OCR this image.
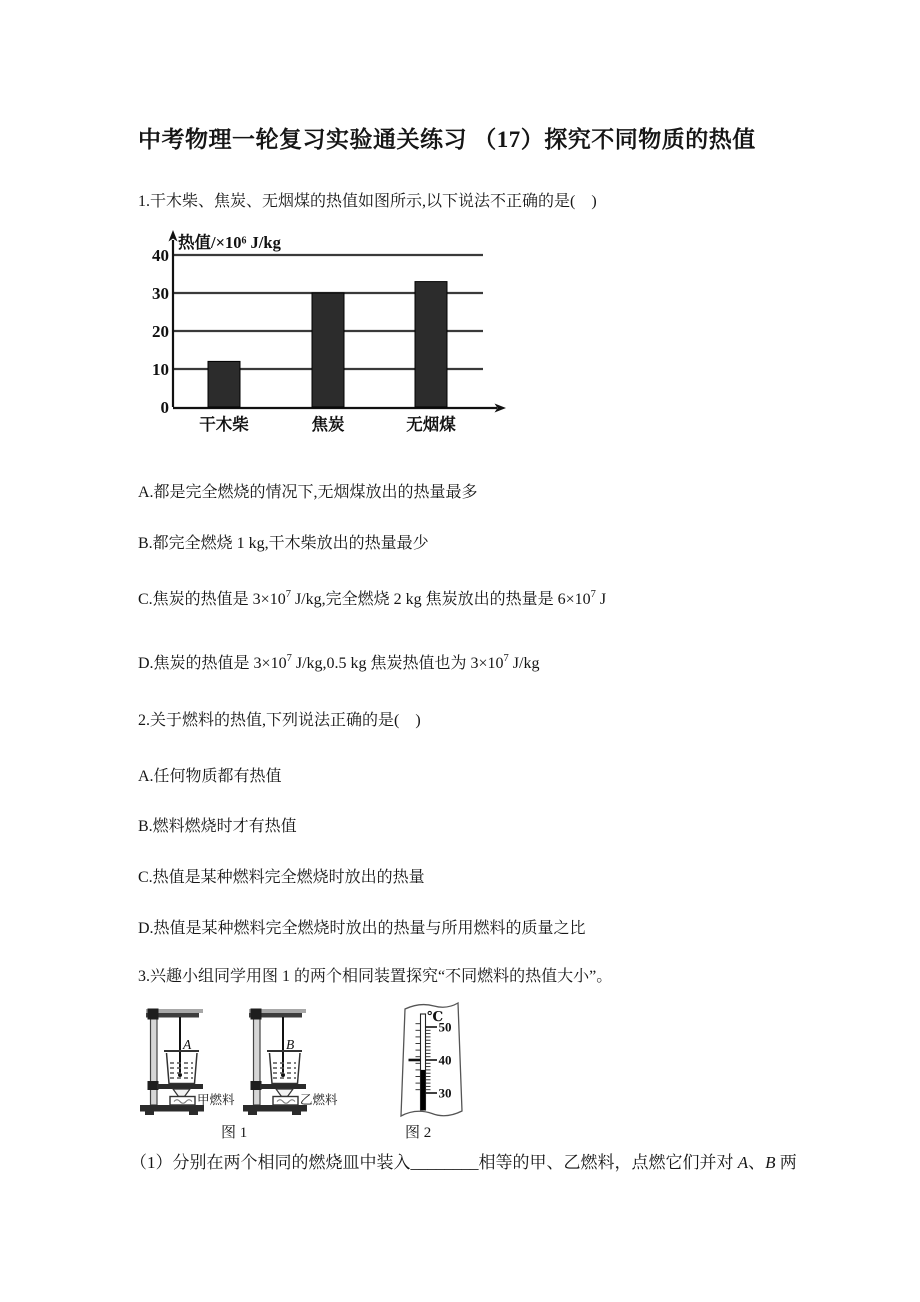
中考物理一轮复习实验通关练习 （17）探究不同物质的热值
1.干木柴、焦炭、无烟煤的热值如图所示,以下说法不正确的是(    )
0
10
20
30
40
干木柴	焦炭	无烟煤
热值/×10⁶ J/kg
A.都是完全燃烧的情况下,无烟煤放出的热量最多
B.都完全燃烧 1 kg,干木柴放出的热量最少
C.焦炭的热值是 $3\times 10^7$ J/kg,完全燃烧 2 kg 焦炭放出的热量是 $6\times 10^7$ J
D.焦炭的热值是 $3\times 10^7$ J/kg,0.5 kg 焦炭热值也为 $3\times 10^7$ J/kg
2.关于燃料的热值,下列说法正确的是(    )
A.任何物质都有热值
B.燃料燃烧时才有热值
C.热值是某种燃料完全燃烧时放出的热量
D.热值是某种燃料完全燃烧时放出的热量与所用燃料的质量之比
3.兴趣小组同学用图 1 的两个相同装置探究“不同燃料的热值大小”。
A
甲燃料
B
乙燃料
℃
50
40
30
图 1	图 2
（1）分别在两个相同的燃烧皿中装入________相等的甲、乙燃料，点燃它们并对 A、B 两
